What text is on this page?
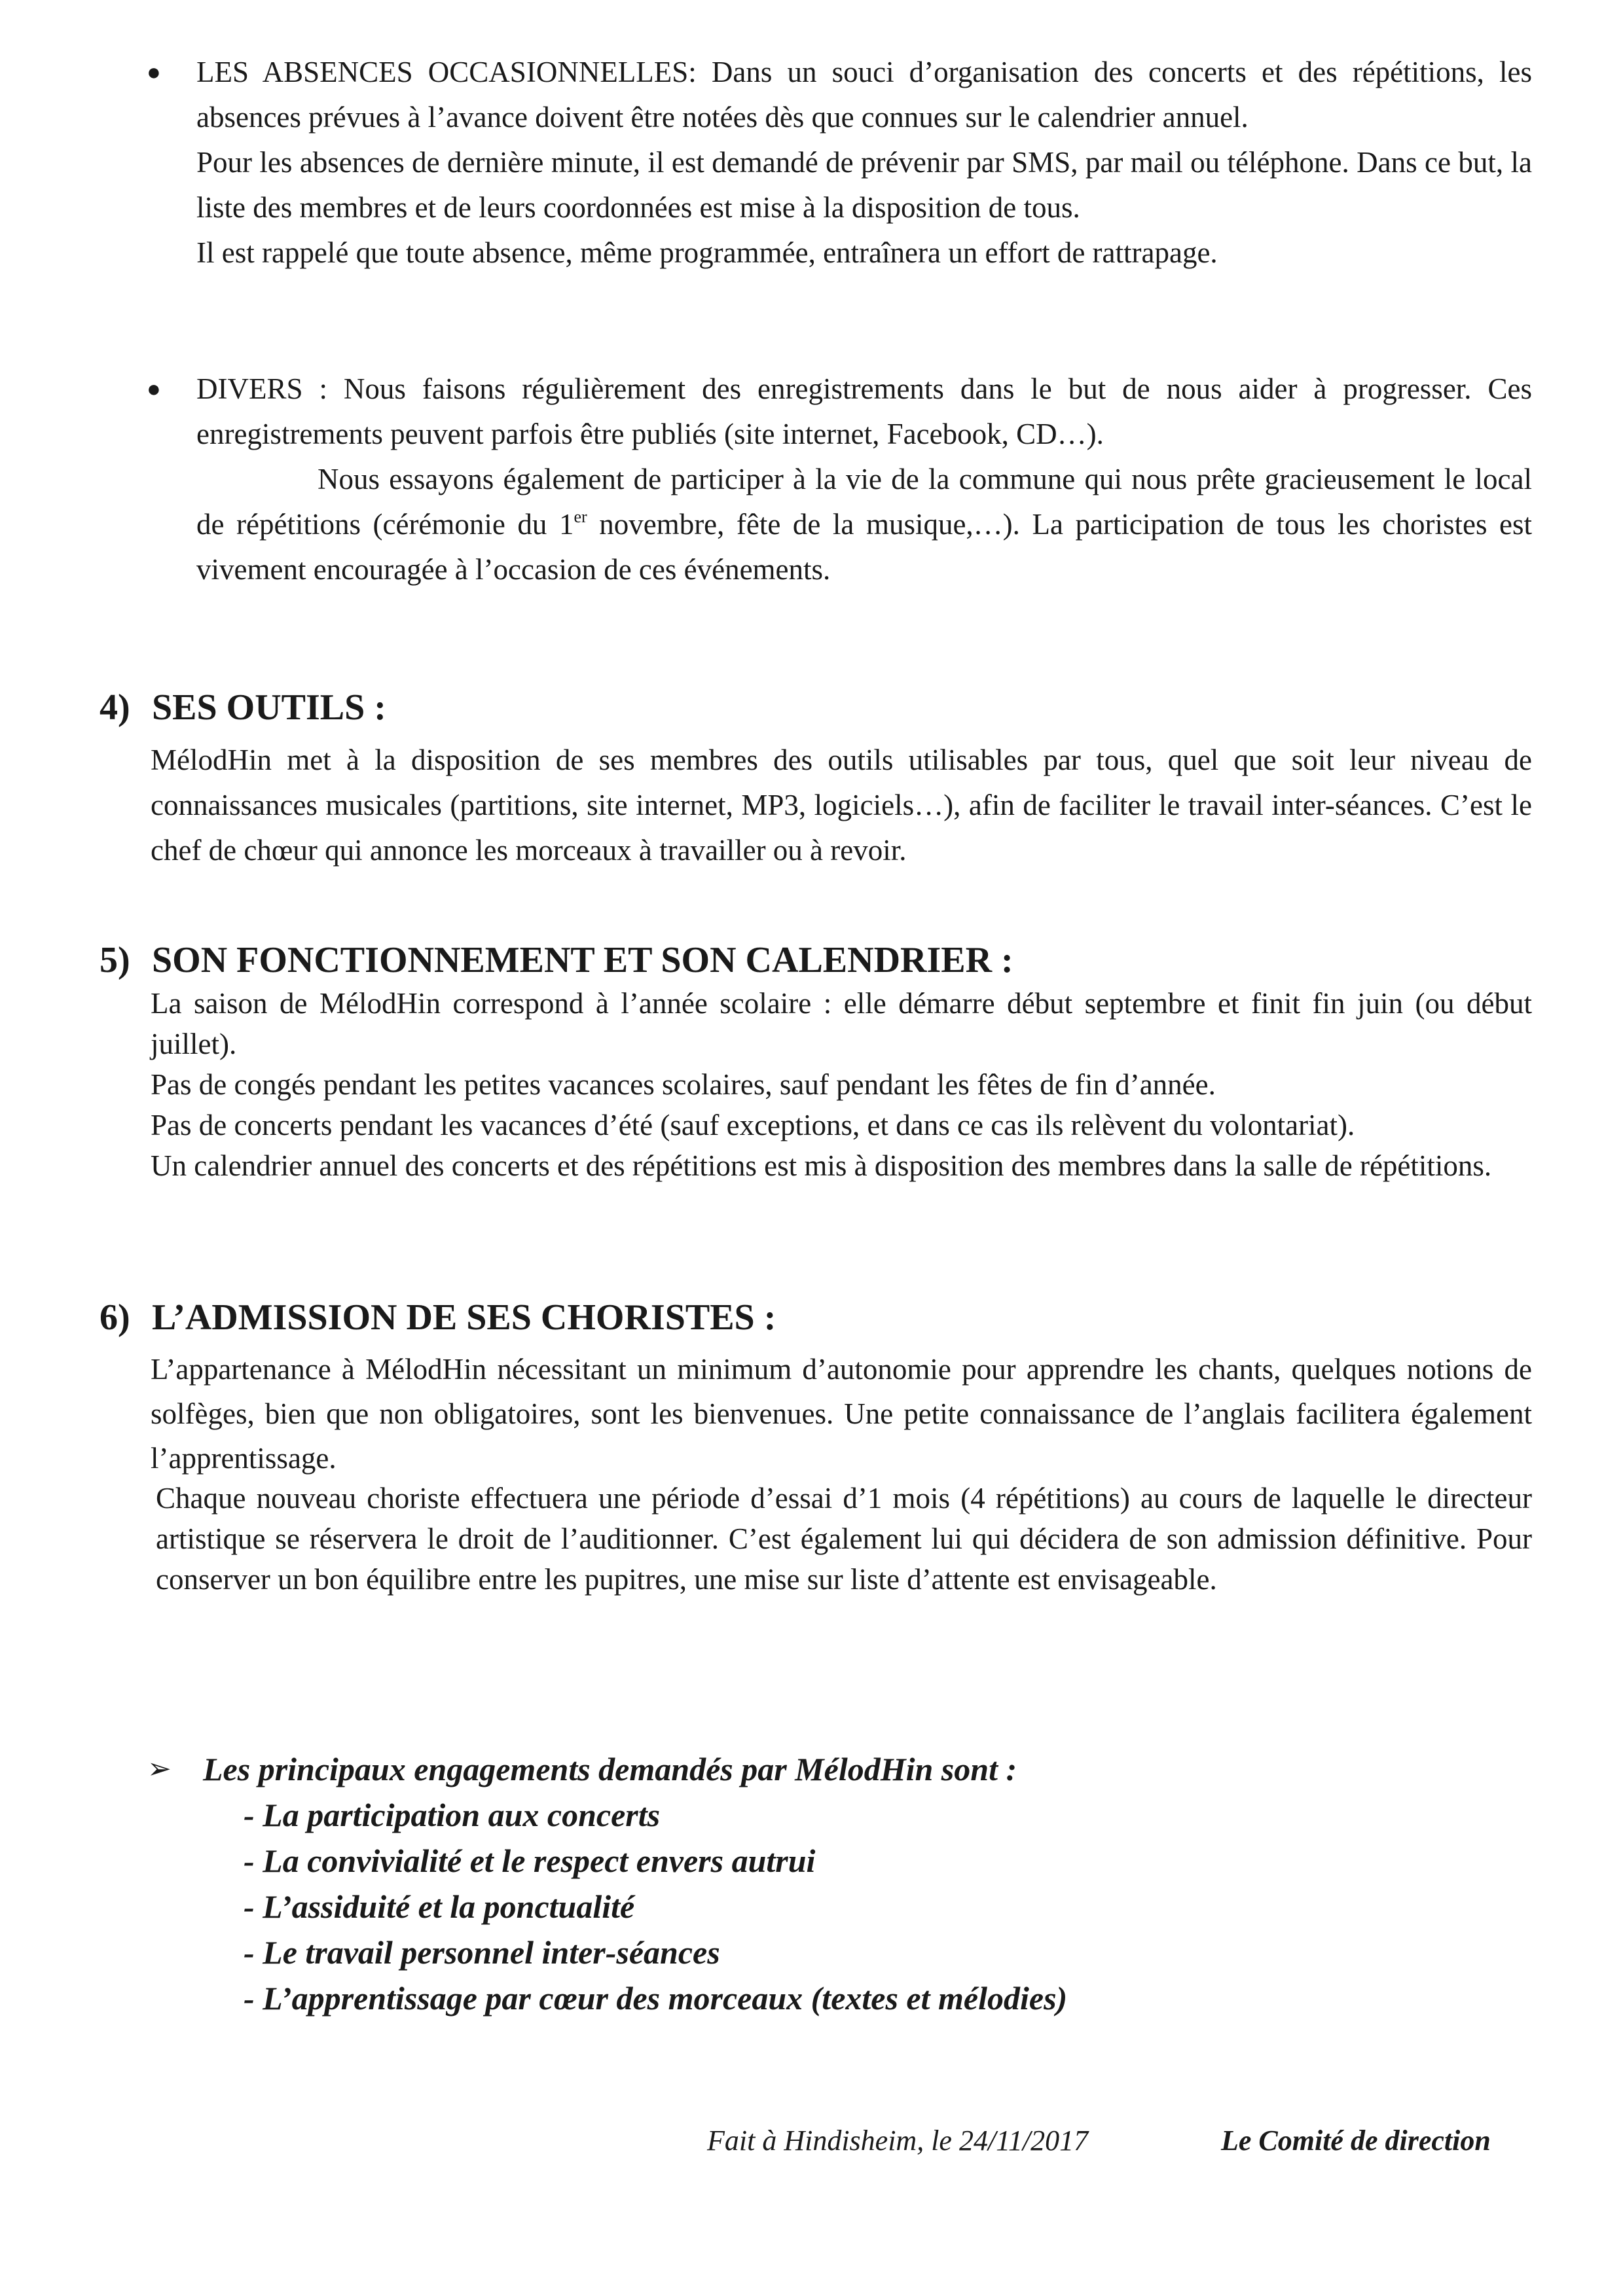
● LES ABSENCES OCCASIONNELLES: Dans un souci d’organisation des concerts et des répétitions, les absences prévues à l’avance doivent être notées dès que connues sur le calendrier annuel.

Pour les absences de dernière minute, il est demandé de prévenir par SMS, par mail ou téléphone. Dans ce but, la liste des membres et de leurs coordonnées est mise à la disposition de tous.

Il est rappelé que toute absence, même programmée, entraînera un effort de rattrapage.

● DIVERS : Nous faisons régulièrement des enregistrements dans le but de nous aider à progresser. Ces enregistrements peuvent parfois être publiés (site internet, Facebook, CD…).

Nous essayons également de participer à la vie de la commune qui nous prête gracieusement le local de répétitions (cérémonie du 1er novembre, fête de la musique,…). La participation de tous les choristes est vivement encouragée à l’occasion de ces événements.

4) SES OUTILS :

MélodHin met à la disposition de ses membres des outils utilisables par tous, quel que soit leur niveau de connaissances musicales (partitions, site internet, MP3, logiciels…), afin de faciliter le travail inter-séances. C’est le chef de chœur qui annonce les morceaux à travailler ou à revoir.

5) SON FONCTIONNEMENT ET SON CALENDRIER :

La saison de MélodHin correspond à l’année scolaire : elle démarre début septembre et finit fin juin (ou début juillet).

Pas de congés pendant les petites vacances scolaires, sauf pendant les fêtes de fin d’année.

Pas de concerts pendant les vacances d’été (sauf exceptions, et dans ce cas ils relèvent du volontariat).

Un calendrier annuel des concerts et des répétitions est mis à disposition des membres dans la salle de répétitions.

6) L’ADMISSION DE SES CHORISTES :

L’appartenance à MélodHin nécessitant un minimum d’autonomie pour apprendre les chants, quelques notions de solfèges, bien que non obligatoires, sont les bienvenues. Une petite connaissance de l’anglais facilitera également l’apprentissage.

Chaque nouveau choriste effectuera une période d’essai d’1 mois (4 répétitions) au cours de laquelle le directeur artistique se réservera le droit de l’auditionner. C’est également lui qui décidera de son admission définitive. Pour conserver un bon équilibre entre les pupitres, une mise sur liste d’attente est envisageable.

➢ Les principaux engagements demandés par MélodHin sont :
- La participation aux concerts
- La convivialité et le respect envers autrui
- L’assiduité et la ponctualité
- Le travail personnel inter-séances
- L’apprentissage par cœur des morceaux (textes et mélodies)
Fait à Hindisheim, le 24/11/2017	Le Comité de direction
